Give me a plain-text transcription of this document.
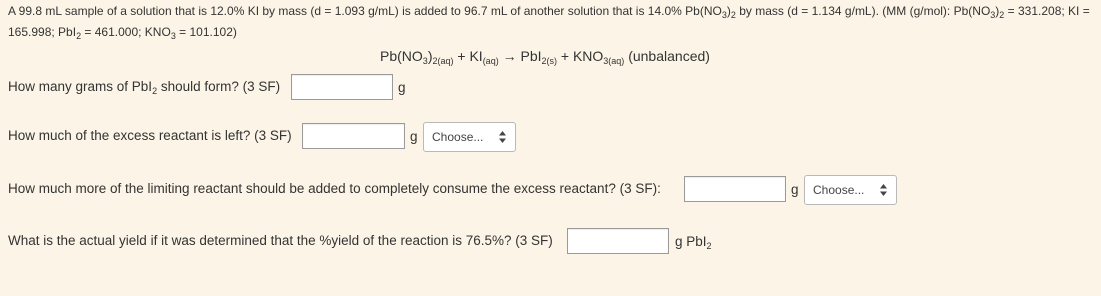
A 99.8 mL sample of a solution that is 12.0% KI by mass (d = 1.093 g/mL) is added to 96.7 mL of another solution that is 14.0% $Pb(NO_3)_2$ by mass (d = 1.134 g/mL). (MM (g/mol): $Pb(NO_3)_2 = 331.208$; KI = 165.998; PbI$_2$ = 461.000; $KNO_3 = 101.102$)
$Pb(NO_3)_{2(aq)} + KI_{(aq)} \to PbI_{2(s)} + KNO_{3(aq)}$ (unbalanced)
How many grams of PbI$_2$ should form? (3 SF)	g
How much of the excess reactant is left? (3 SF)	g	Choose...
How much more of the limiting reactant should be added to completely consume the excess reactant? (3 SF):	g	Choose...
What is the actual yield if it was determined that the %yield of the reaction is 76.5%? (3 SF)	g PbI$_2$
